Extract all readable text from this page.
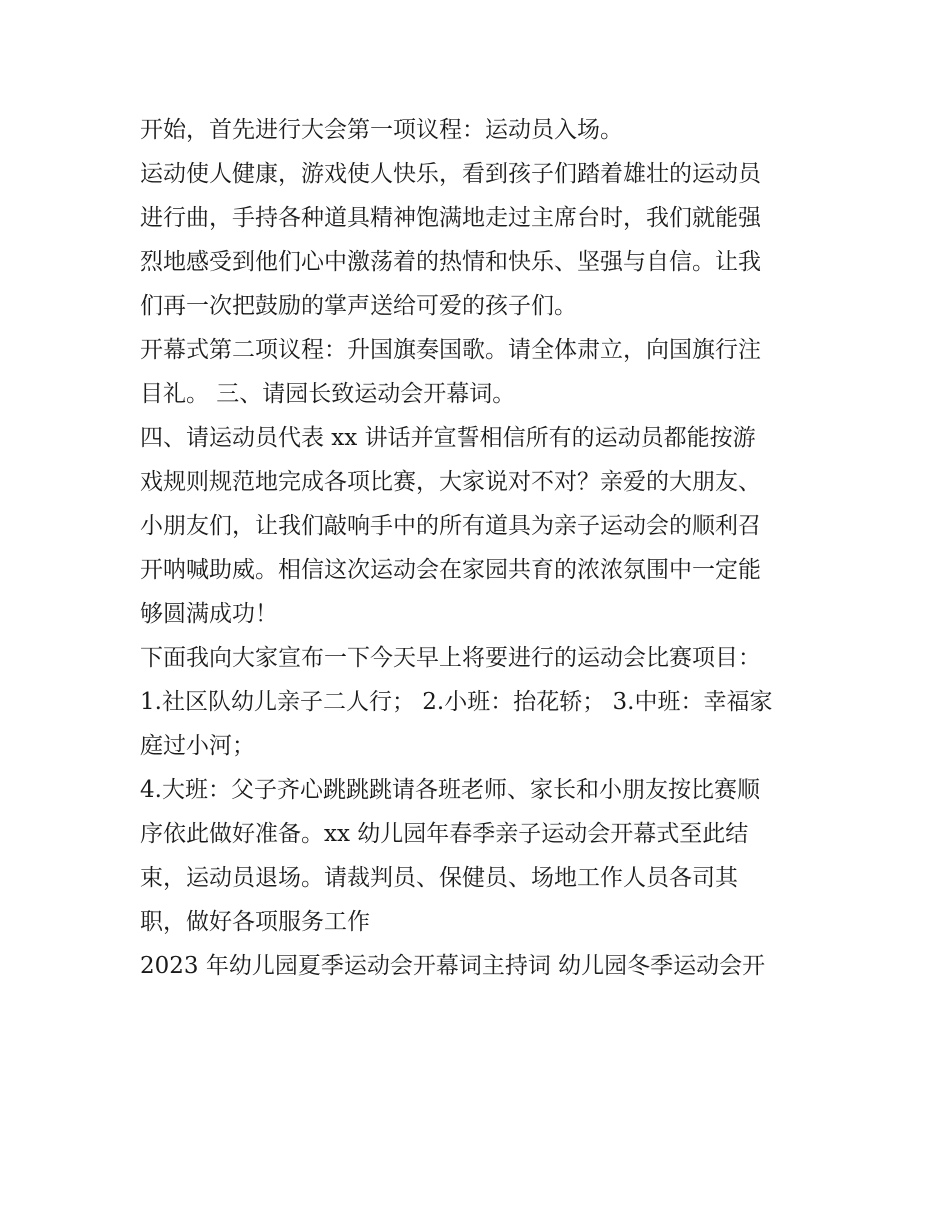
开始，首先进行大会第一项议程：运动员入场。

运动使人健康，游戏使人快乐，看到孩子们踏着雄壮的运动员

进行曲，手持各种道具精神饱满地走过主席台时，我们就能强

烈地感受到他们心中激荡着的热情和快乐、坚强与自信。让我

们再一次把鼓励的掌声送给可爱的孩子们。

开幕式第二项议程：升国旗奏国歌。请全体肃立，向国旗行注

目礼。 三、请园长致运动会开幕词。

四、请运动员代表 xx 讲话并宣誓相信所有的运动员都能按游

戏规则规范地完成各项比赛，大家说对不对？亲爱的大朋友、

小朋友们，让我们敲响手中的所有道具为亲子运动会的顺利召

开呐喊助威。相信这次运动会在家园共育的浓浓氛围中一定能

够圆满成功！

下面我向大家宣布一下今天早上将要进行的运动会比赛项目：

1.社区队幼儿亲子二人行； 2.小班：抬花轿； 3.中班：幸福家

庭过小河；

4.大班：父子齐心跳跳跳请各班老师、家长和小朋友按比赛顺

序依此做好准备。xx 幼儿园年春季亲子运动会开幕式至此结

束，运动员退场。请裁判员、保健员、场地工作人员各司其

职，做好各项服务工作

2023 年幼儿园夏季运动会开幕词主持词 幼儿园冬季运动会开
